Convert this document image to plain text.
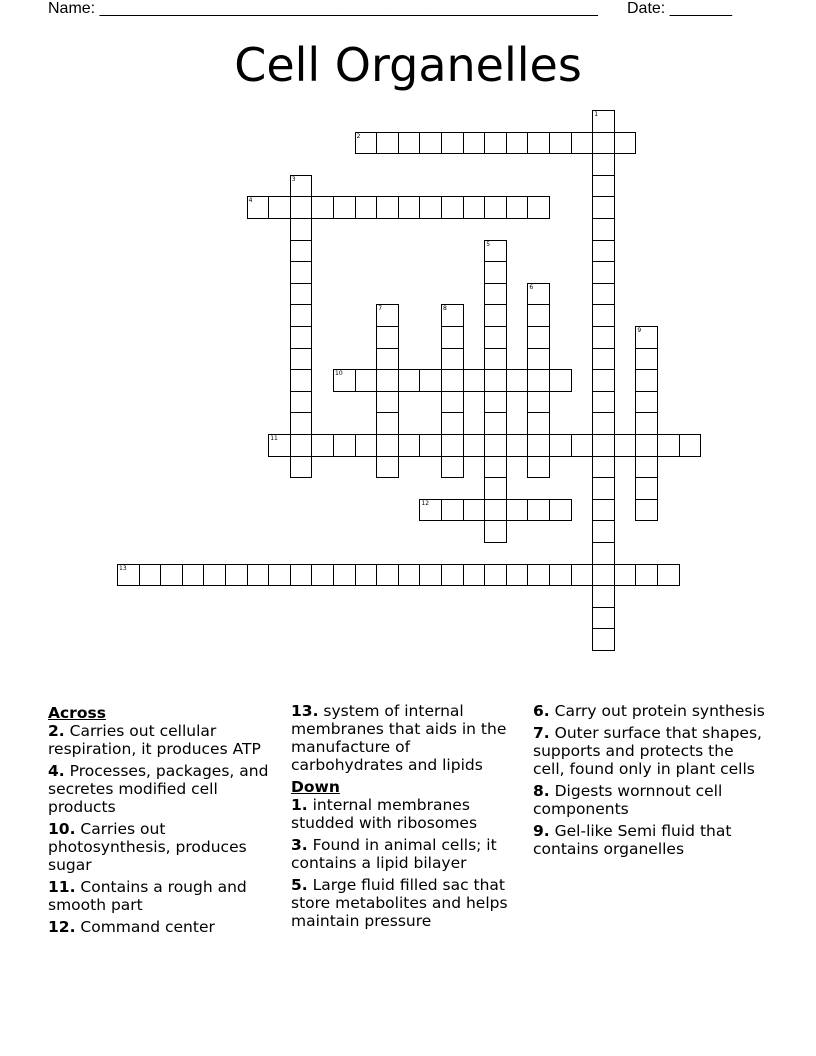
Name: ________________________________________________________ Date: _______
Cell Organelles
1
2
3
4
5
6
7	8
9
10
11
12
13
Across
2. Carries out cellular respiration, it produces ATP
4. Processes, packages, and secretes modified cell products
10. Carries out photosynthesis, produces sugar
11. Contains a rough and smooth part
12. Command center
13. system of internal membranes that aids in the manufacture of carbohydrates and lipids
Down
1. internal membranes studded with ribosomes
3. Found in animal cells; it contains a lipid bilayer
5. Large fluid filled sac that store metabolites and helps maintain pressure
6. Carry out protein synthesis
7. Outer surface that shapes, supports and protects the cell, found only in plant cells
8. Digests wornnout cell components
9. Gel-like Semi fluid that contains organelles
